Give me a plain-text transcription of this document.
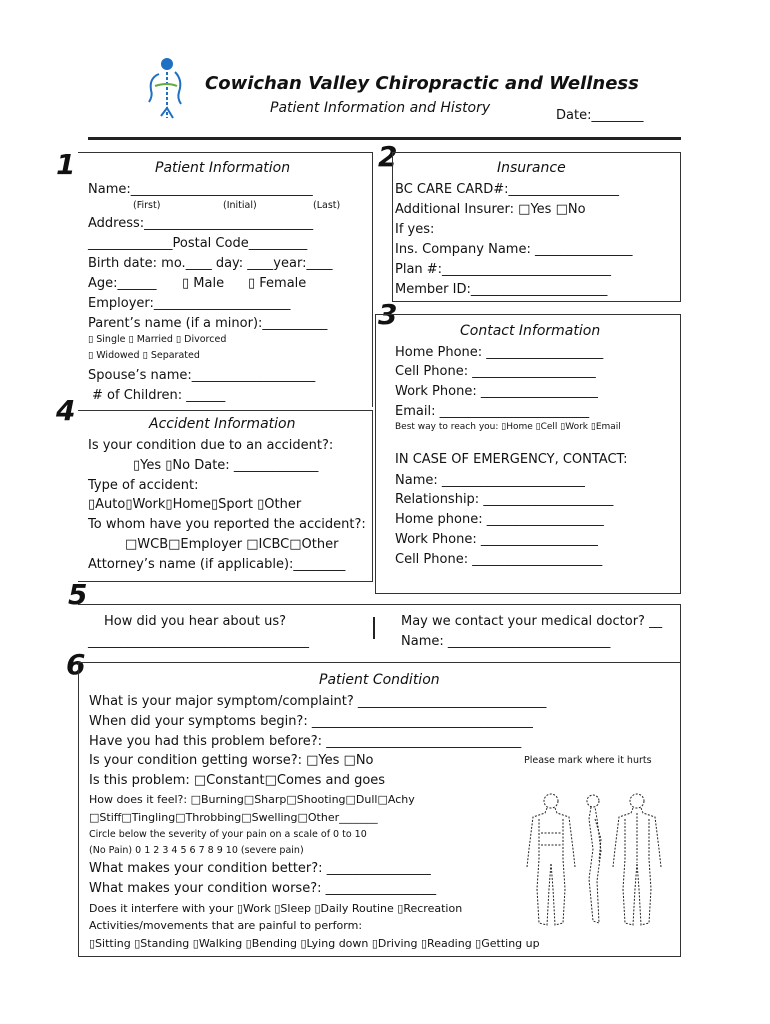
Cowichan Valley Chiropractic and Wellness
Patient Information and History	Date:________
1	2
3
4
5
6
Patient Information
Name:____________________________
(First)	(Initial)	(Last)
Address:__________________________
_____________Postal Code_________
Birth date: mo.____ day: ____year:____
Age:______ ▯ Male ▯ Female
Employer:_____________________
Parent’s name (if a minor):__________
▯ Single ▯ Married ▯ Divorced
▯ Widowed ▯ Separated
Spouse’s name:___________________
# of Children: ______
Insurance
BC CARE CARD#:_________________
Additional Insurer: □Yes □No
If yes:
Ins. Company Name: _______________
Plan #:__________________________
Member ID:_____________________
Contact Information
Home Phone: __________________
Cell Phone: ___________________
Work Phone: __________________
Email: _______________________
Best way to reach you: ▯Home ▯Cell ▯Work ▯Email
IN CASE OF EMERGENCY, CONTACT:
Name: ______________________
Relationship: ____________________
Home phone: __________________
Work Phone: __________________
Cell Phone: ____________________
Accident Information
Is your condition due to an accident?:
▯Yes ▯No Date: _____________
Type of accident:
▯Auto▯Work▯Home▯Sport ▯Other
To whom have you reported the accident?:
□WCB□Employer □ICBC□Other
Attorney’s name (if applicable):________
How did you hear about us?
__________________________________
May we contact your medical doctor? __
Name: _________________________
Patient Condition
What is your major symptom/complaint? _____________________________
When did your symptoms begin?: __________________________________
Have you had this problem before?: ______________________________
Is your condition getting worse?: □Yes □No	Please mark where it hurts
Is this problem: □Constant□Comes and goes
How does it feel?: □Burning□Sharp□Shooting□Dull□Achy
□Stiff□Tingling□Throbbing□Swelling□Other_______
Circle below the severity of your pain on a scale of 0 to 10
(No Pain) 0 1 2 3 4 5 6 7 8 9 10 (severe pain)
What makes your condition better?: ________________
What makes your condition worse?: _________________
Does it interfere with your ▯Work ▯Sleep ▯Daily Routine ▯Recreation
Activities/movements that are painful to perform:
▯Sitting ▯Standing ▯Walking ▯Bending ▯Lying down ▯Driving ▯Reading ▯Getting up
